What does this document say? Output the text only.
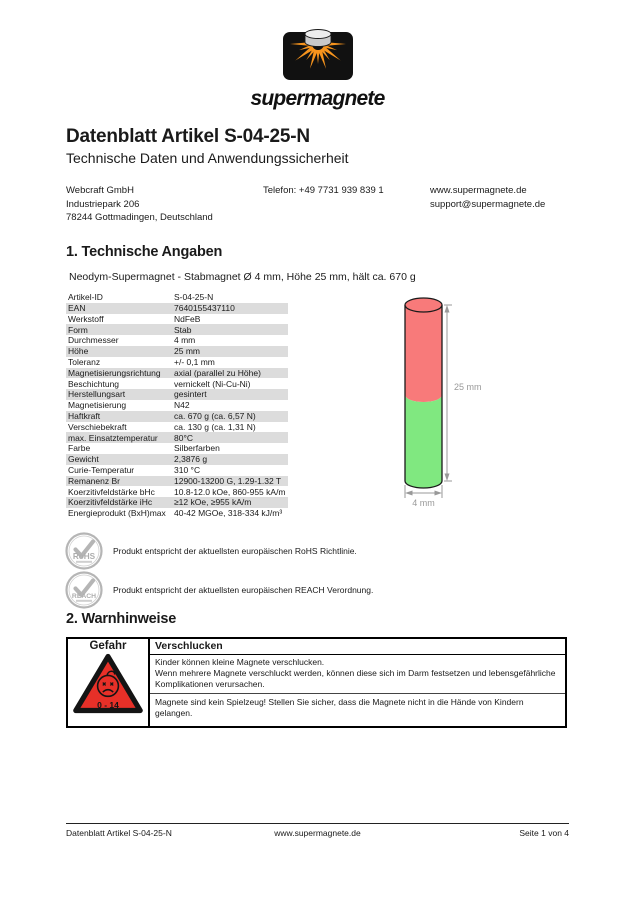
supermagnete
Datenblatt Artikel S-04-25-N
Technische Daten und Anwendungssicherheit
Webcraft GmbH
Industriepark 206
78244 Gottmadingen, Deutschland
Telefon: +49 7731 939 839 1	www.supermagnete.de
support@supermagnete.de
1. Technische Angaben
Neodym-Supermagnet - Stabmagnet Ø 4 mm, Höhe 25 mm, hält ca. 670 g
Artikel-ID	S-04-25-N
EAN	7640155437110
Werkstoff	NdFeB
Form	Stab
Durchmesser	4 mm
Höhe	25 mm
Toleranz	+/- 0,1 mm
Magnetisierungsrichtung	axial (parallel zu Höhe)
Beschichtung	vernickelt (Ni-Cu-Ni)
Herstellungsart	gesintert
Magnetisierung	N42
Haftkraft	ca. 670 g (ca. 6,57 N)
Verschiebekraft	ca. 130 g (ca. 1,31 N)
max. Einsatztemperatur	80°C
Farbe	Silberfarben
Gewicht	2,3876 g
Curie-Temperatur	310 °C
Remanenz Br	12900-13200 G, 1.29-1.32 T
Koerzitivfeldstärke bHc	10.8-12.0 kOe, 860-955 kA/m
Koerzitivfeldstärke iHc	≥12 kOe, ≥955 kA/m
Energieprodukt (BxH)max	40-42 MGOe, 318-334 kJ/m³
25 mm
4 mm
RoHS
Produkt entspricht der aktuellsten europäischen RoHS Richtlinie.
REACH
Produkt entspricht der aktuellsten europäischen REACH Verordnung.
2. Warnhinweise
Gefahr
0 - 14
Verschlucken
Kinder können kleine Magnete verschlucken.
Wenn mehrere Magnete verschluckt werden, können diese sich im Darm festsetzen und lebensgefährliche Komplikationen verursachen.
Magnete sind kein Spielzeug! Stellen Sie sicher, dass die Magnete nicht in die Hände von Kindern gelangen.
Datenblatt Artikel S-04-25-N	www.supermagnete.de	Seite 1 von 4
